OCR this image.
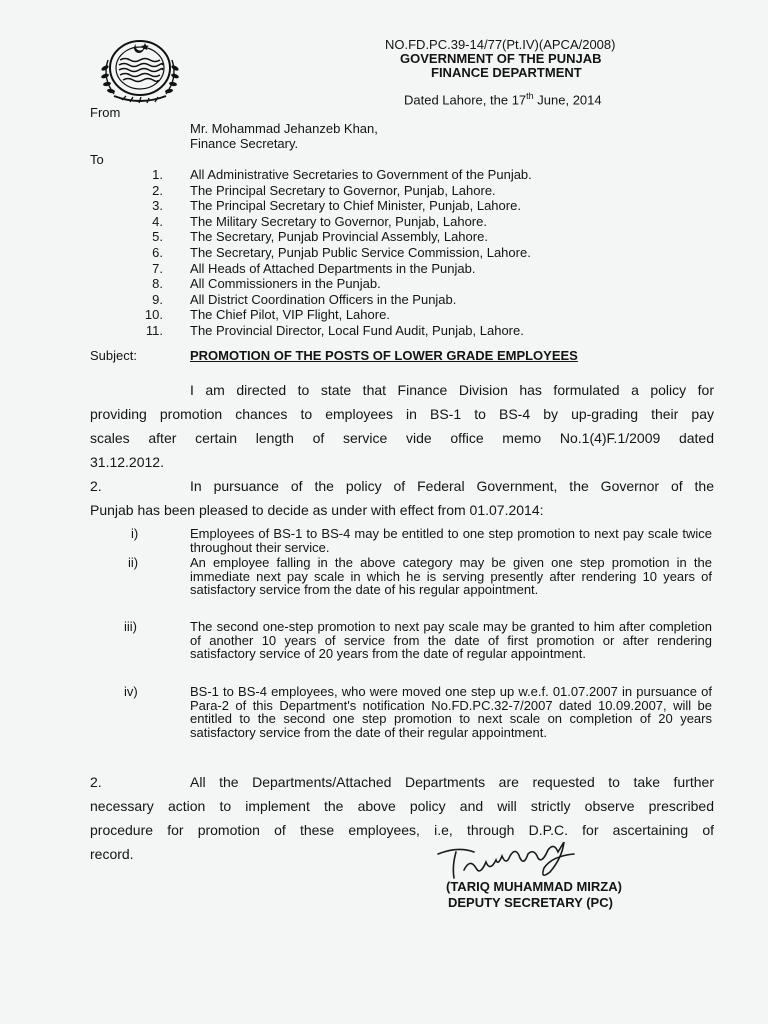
NO.FD.PC.39-14/77(Pt.IV)(APCA/2008)
GOVERNMENT OF THE PUNJAB
FINANCE DEPARTMENT
Dated Lahore, the 17th June, 2014
From
Mr. Mohammad Jehanzeb Khan,
Finance Secretary.
To
1. All Administrative Secretaries to Government of the Punjab.
2. The Principal Secretary to Governor, Punjab, Lahore.
3. The Principal Secretary to Chief Minister, Punjab, Lahore.
4. The Military Secretary to Governor, Punjab, Lahore.
5. The Secretary, Punjab Provincial Assembly, Lahore.
6. The Secretary, Punjab Public Service Commission, Lahore.
7. All Heads of Attached Departments in the Punjab.
8. All Commissioners in the Punjab.
9. All District Coordination Officers in the Punjab.
10. The Chief Pilot, VIP Flight, Lahore.
11. The Provincial Director, Local Fund Audit, Punjab, Lahore.
Subject:	PROMOTION OF THE POSTS OF LOWER GRADE EMPLOYEES
I am directed to state that Finance Division has formulated a policy for
providing promotion chances to employees in BS-1 to BS-4 by up-grading their pay
scales after certain length of service vide office memo No.1(4)F.1/2009 dated
31.12.2012.
2.	In pursuance of the policy of Federal Government, the Governor of the
Punjab has been pleased to decide as under with effect from 01.07.2014:
i)	Employees of BS-1 to BS-4 may be entitled to one step promotion to next pay scale twice throughout their service.
ii)	An employee falling in the above category may be given one step promotion in the immediate next pay scale in which he is serving presently after rendering 10 years of satisfactory service from the date of his regular appointment.
iii)	The second one-step promotion to next pay scale may be granted to him after completion of another 10 years of service from the date of first promotion or after rendering satisfactory service of 20 years from the date of regular appointment.
iv)	BS-1 to BS-4 employees, who were moved one step up w.e.f. 01.07.2007 in pursuance of Para-2 of this Department's notification No.FD.PC.32-7/2007 dated 10.09.2007, will be entitled to the second one step promotion to next scale on completion of 20 years satisfactory service from the date of their regular appointment.
2.	All the Departments/Attached Departments are requested to take further
necessary action to implement the above policy and will strictly observe prescribed
procedure for promotion of these employees, i.e, through D.P.C. for ascertaining of
record.
(TARIQ MUHAMMAD MIRZA)
DEPUTY SECRETARY (PC)
